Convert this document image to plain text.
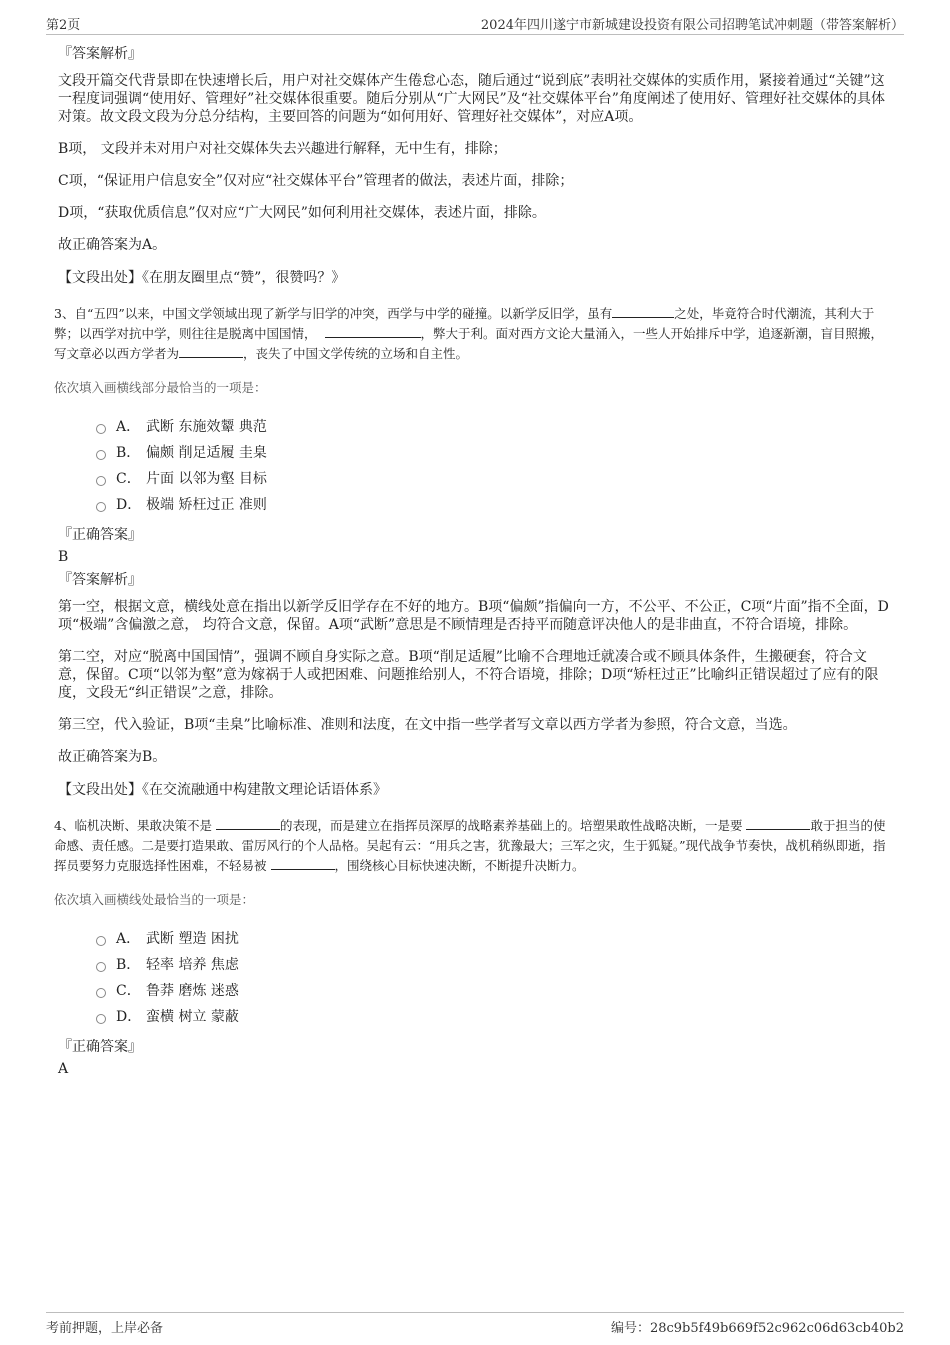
第2页	2024年四川遂宁市新城建设投资有限公司招聘笔试冲刺题（带答案解析）
『答案解析』
文段开篇交代背景即在快速增长后，用户对社交媒体产生倦怠心态，随后通过“说到底”表明社交媒体的实质作用，紧接着通过“关键”这一程度词强调“使用好、管理好”社交媒体很重要。随后分别从“广大网民”及“社交媒体平台”角度阐述了使用好、管理好社交媒体的具体对策。故文段文段为分总分结构，主要回答的问题为“如何用好、管理好社交媒体”，对应A项。
B项， 文段并未对用户对社交媒体失去兴趣进行解释，无中生有，排除；
C项，“保证用户信息安全”仅对应“社交媒体平台”管理者的做法，表述片面，排除；
D项，“获取优质信息”仅对应“广大网民”如何利用社交媒体，表述片面，排除。
故正确答案为A。
【文段出处】《在朋友圈里点“赞”，很赞吗？》
3、自“五四”以来，中国文学领域出现了新学与旧学的冲突，西学与中学的碰撞。以新学反旧学，虽有	之处，毕竟符合时代潮流，其利大于弊；以西学对抗中学，则往往是脱离中国国情，	，弊大于利。面对西方文论大量涌入，一些人开始排斥中学，追逐新潮，盲目照搬，写文章必以西方学者为	，丧失了中国文学传统的立场和自主性。
依次填入画横线部分最恰当的一项是：
A． 武断 东施效颦 典范
B． 偏颇 削足适履 圭臬
C． 片面 以邻为壑 目标
D． 极端 矫枉过正 准则
『正确答案』
B
『答案解析』
第一空，根据文意，横线处意在指出以新学反旧学存在不好的地方。B项“偏颇”指偏向一方，不公平、不公正，C项“片面”指不全面，D项“极端”含偏激之意， 均符合文意，保留。A项“武断”意思是不顾情理是否持平而随意评决他人的是非曲直，不符合语境，排除。
第二空，对应“脱离中国国情”，强调不顾自身实际之意。B项“削足适履”比喻不合理地迁就凑合或不顾具体条件，生搬硬套，符合文意，保留。C项“以邻为壑”意为嫁祸于人或把困难、问题推给别人，不符合语境，排除；D项“矫枉过正”比喻纠正错误超过了应有的限度，文段无“纠正错误”之意，排除。
第三空，代入验证，B项“圭臬”比喻标准、准则和法度，在文中指一些学者写文章以西方学者为参照，符合文意，当选。
故正确答案为B。
【文段出处】《在交流融通中构建散文理论话语体系》
4、临机决断、果敢决策不是	的表现，而是建立在指挥员深厚的战略素养基础上的。培塑果敢性战略决断，一是要	敢于担当的使命感、责任感。二是要打造果敢、雷厉风行的个人品格。吴起有云：“用兵之害，犹豫最大；三军之灾，生于狐疑。”现代战争节奏快，战机稍纵即逝，指挥员要努力克服选择性困难，不轻易被	，围绕核心目标快速决断，不断提升决断力。
依次填入画横线处最恰当的一项是：
A． 武断 塑造 困扰
B． 轻率 培养 焦虑
C． 鲁莽 磨炼 迷惑
D． 蛮横 树立 蒙蔽
『正确答案』
A
考前押题，上岸必备	编号：28c9b5f49b669f52c962c06d63cb40b2
